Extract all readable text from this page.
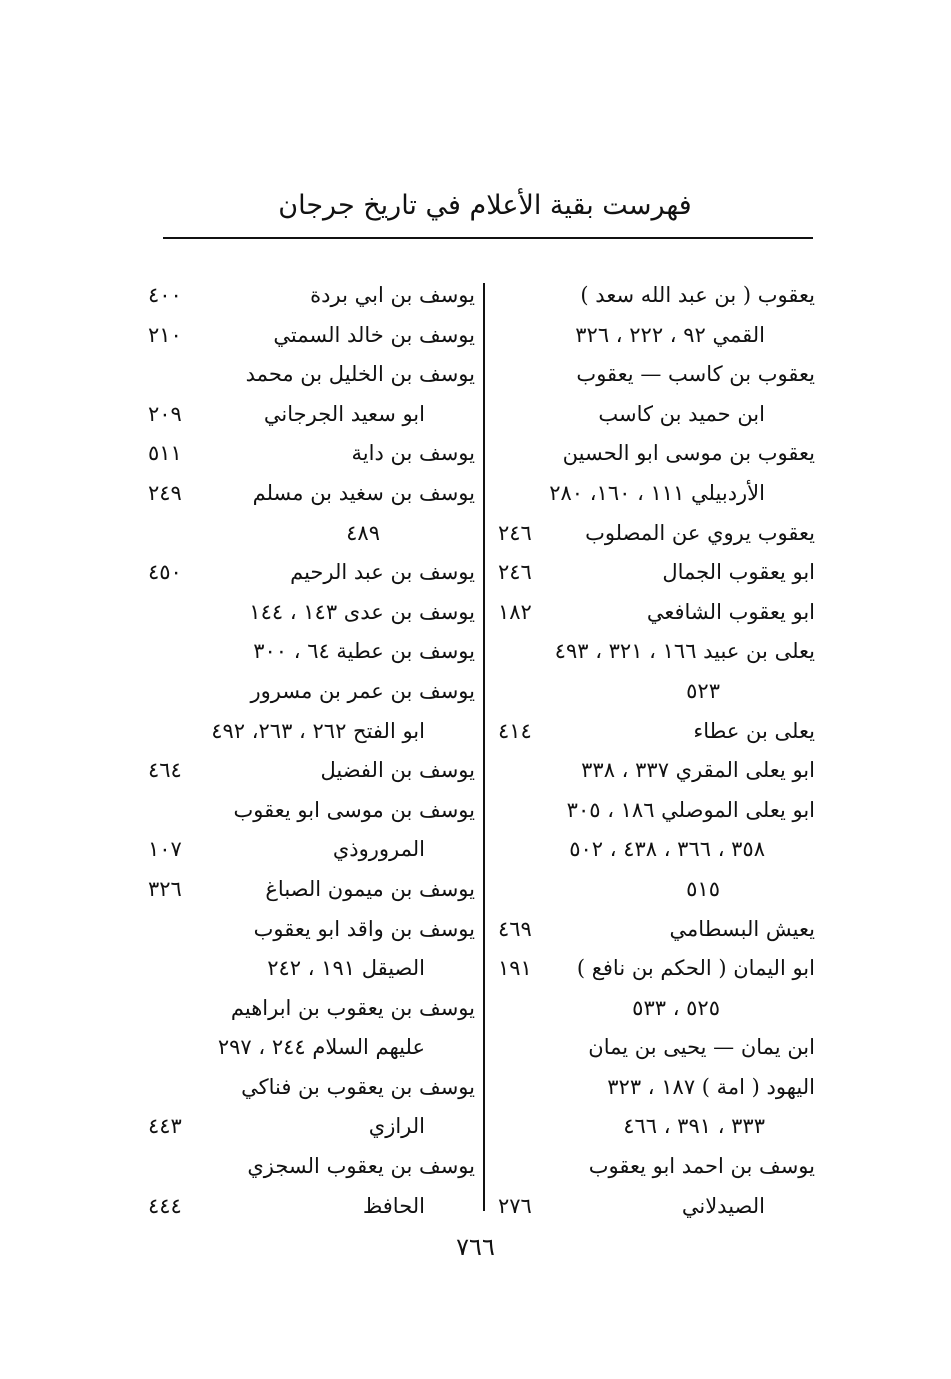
فهرست بقية الأعلام في تاريخ جرجان
يعقوب ( بن عبد الله سعد )
القمي ٩٢ ، ٢٢٢ ، ٣٢٦
يعقوب بن كاسب — يعقوب
ابن حميد بن كاسب
يعقوب بن موسى ابو الحسين
الأردبيلي ١١١ ، ١٦٠، ٢٨٠
يعقوب يروي عن المصلوب
٢٤٦
ابو يعقوب الجمال
٢٤٦
ابو يعقوب الشافعي
١٨٢
يعلى بن عبيد ١٦٦ ، ٣٢١ ، ٤٩٣
٥٢٣
يعلى بن عطاء
٤١٤
ابو يعلى المقري ٣٣٧ ، ٣٣٨
ابو يعلى الموصلي ١٨٦ ، ٣٠٥
٣٥٨ ، ٣٦٦ ، ٤٣٨ ، ٥٠٢
٥١٥
يعيش البسطامي
٤٦٩
ابو اليمان ( الحكم بن نافع )
١٩١
٥٢٥ ، ٥٣٣
ابن يمان — يحيى بن يمان
اليهود ( امة ) ١٨٧ ، ٣٢٣
٣٣٣ ، ٣٩١ ، ٤٦٦
يوسف بن احمد ابو يعقوب
الصيدلاني
٢٧٦
يوسف بن ابي بردة
٤٠٠
يوسف بن خالد السمتي
٢١٠
يوسف بن الخليل بن محمد
ابو سعيد الجرجاني
٢٠٩
يوسف بن داية
٥١١
يوسف بن سغيد بن مسلم
٢٤٩
٤٨٩
يوسف بن عبد الرحيم
٤٥٠
يوسف بن عدى ١٤٣ ، ١٤٤
يوسف بن عطية ٦٤ ، ٣٠٠
يوسف بن عمر بن مسرور
ابو الفتح ٢٦٢ ، ٢٦٣، ٤٩٢
يوسف بن الفضيل
٤٦٤
يوسف بن موسى ابو يعقوب
المروروذي
١٠٧
يوسف بن ميمون الصباغ
٣٢٦
يوسف بن واقد ابو يعقوب
الصيقل ١٩١ ، ٢٤٢
يوسف بن يعقوب بن ابراهيم
عليهم السلام ٢٤٤ ، ٢٩٧
يوسف بن يعقوب بن فناكي
الرازي
٤٤٣
يوسف بن يعقوب السجزي
الحافظ
٤٤٤
٧٦٦
